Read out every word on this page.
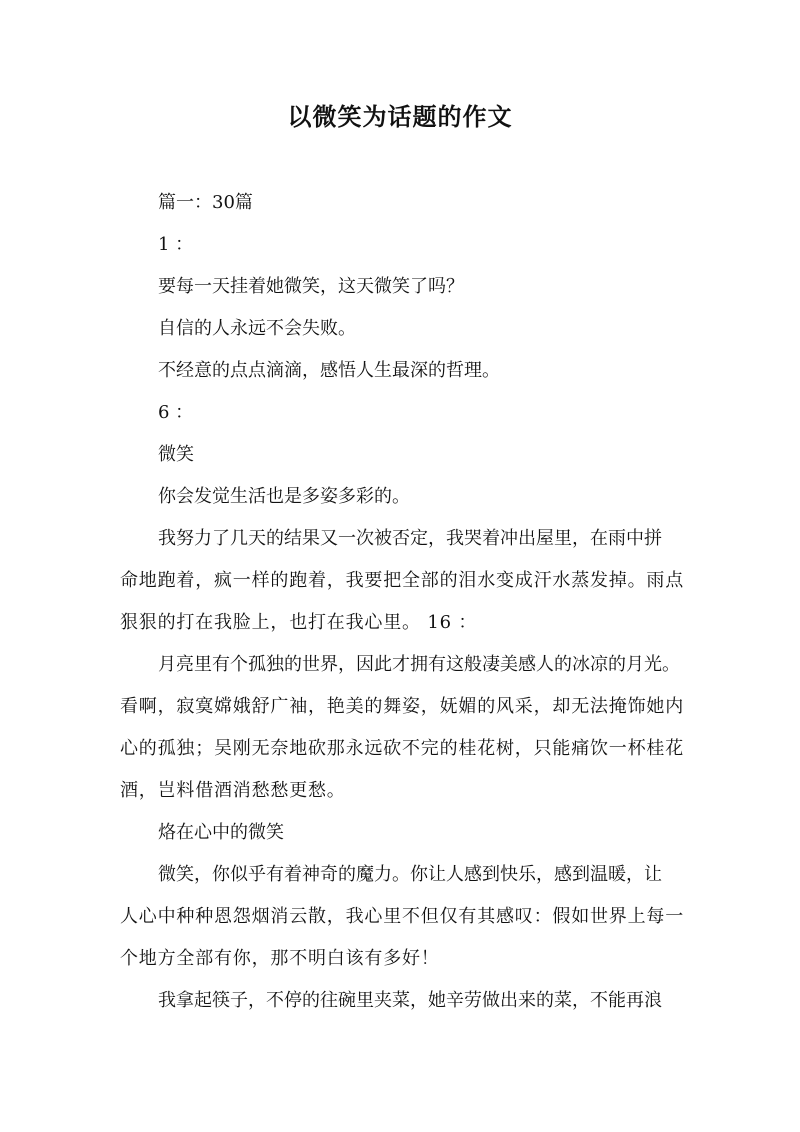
以微笑为话题的作文
篇一：30篇
1 ：
要每一天挂着她微笑，这天微笑了吗？
自信的人永远不会失败。
不经意的点点滴滴，感悟人生最深的哲理。
6 ：
微笑
你会发觉生活也是多姿多彩的。
我努力了几天的结果又一次被否定，我哭着冲出屋里，在雨中拼
命地跑着，疯一样的跑着，我要把全部的泪水变成汗水蒸发掉。雨点
狠狠的打在我脸上，也打在我心里。 16 ：
月亮里有个孤独的世界，因此才拥有这般凄美感人的冰凉的月光。
看啊，寂寞嫦娥舒广袖，艳美的舞姿，妩媚的风采，却无法掩饰她内
心的孤独；吴刚无奈地砍那永远砍不完的桂花树，只能痛饮一杯桂花
酒，岂料借酒消愁愁更愁。
烙在心中的微笑
微笑，你似乎有着神奇的魔力。你让人感到快乐，感到温暖，让
人心中种种恩怨烟消云散，我心里不但仅有其感叹：假如世界上每一
个地方全部有你，那不明白该有多好！
我拿起筷子，不停的往碗里夹菜，她辛劳做出来的菜，不能再浪
